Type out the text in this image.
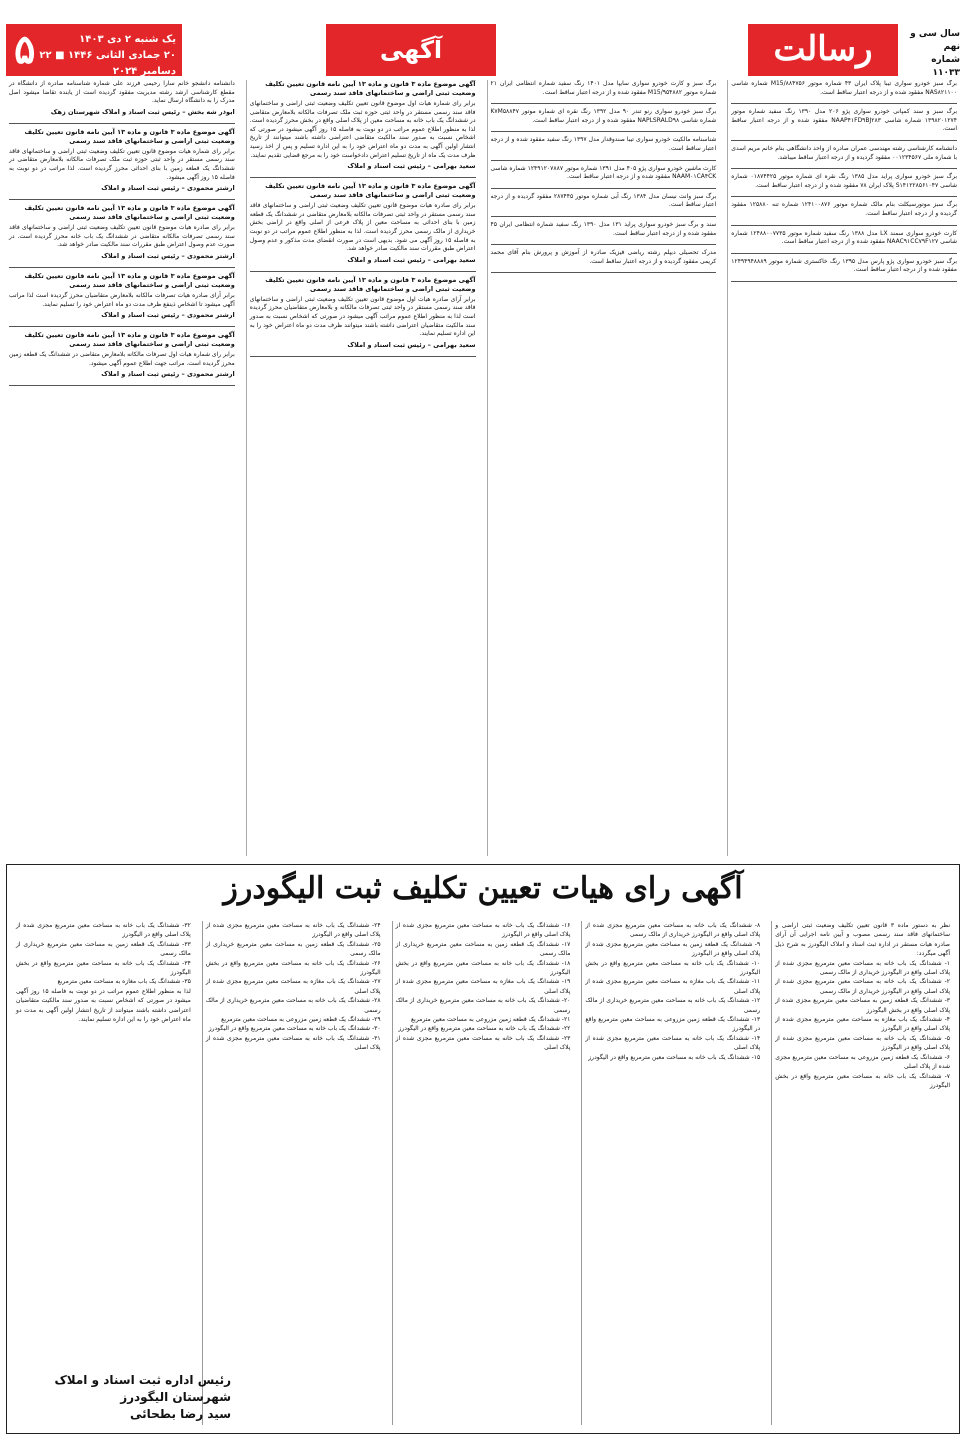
۵	یک شنبه ۲ دی ۱۴۰۳
۲۰ جمادی الثانی ۱۴۴۶ ■ ۲۲ دسامبر ۲۰۲۴
آگهی	رسالت	سال سی و نهم
شماره ۱۱۰۳۳
برگ سبز خودرو سواری تیبا پلاک ایران ۴۳ شماره موتور M15/۸۸۴۷۵۶ شماره شاسی NAS۸۲۱۱۰۰ مفقود شده و از درجه اعتبار ساقط است.
برگ سبز و سند کمپانی خودرو سواری پژو ۲۰۶ مدل ۱۳۹۰ رنگ سفید شماره موتور ۱۳۹۸۲۰۱۲۷۴ شماره شاسی NAAP۴۱FD۹BJ۲۸۳ مفقود شده و از درجه اعتبار ساقط است.
دانشنامه کارشناسی رشته مهندسی عمران صادره از واحد دانشگاهی بنام خانم مریم اسدی با شماره ملی ۰۰۱۲۳۴۵۶۷ مفقود گردیده و از درجه اعتبار ساقط میباشد.
برگ سبز خودرو سواری پراید مدل ۱۳۸۵ رنگ نقره ای شماره موتور ۰۱۸۷۴۴۲۵ شماره شاسی S۱۴۱۲۲۸۵۶۱۰۴۷ پلاک ایران ۷۸ مفقود شده و از درجه اعتبار ساقط است.
برگ سبز موتورسیکلت بنام مالک شماره موتور ۱۲۴۱۰۰۸۷۶ شماره تنه ۱۲۵۸۸۰ مفقود گردیده و از درجه اعتبار ساقط است.
کارت خودرو سواری سمند LX مدل ۱۳۸۸ رنگ سفید شماره موتور ۱۲۴۸۸۰۰۷۷۳۵ شماره شاسی NAAC۹۱CC۷۹F۱۲۷ مفقود شده و از درجه اعتبار ساقط است.
برگ سبز خودرو سواری پژو پارس مدل ۱۳۹۵ رنگ خاکستری شماره موتور ۱۲۴۹۴۹۴۸۸۸۹ مفقود شده و از درجه اعتبار ساقط است.
برگ سبز و کارت خودرو سواری سایپا مدل ۱۴۰۱ رنگ سفید شماره انتظامی ایران ۲۱ شماره موتور M15/۹۵۴۸۸۲ مفقود شده و از درجه اعتبار ساقط است.
برگ سبز خودرو سواری رنو تندر ۹۰ مدل ۱۳۹۲ رنگ نقره ای شماره موتور K۷M۵۸۸۴۷ شماره شاسی NAPLSRALD۹۸ مفقود شده و از درجه اعتبار ساقط است.
شناسنامه مالکیت خودرو سواری تیبا صندوقدار مدل ۱۳۹۷ رنگ سفید مفقود شده و از درجه اعتبار ساقط است.
کارت ماشین خودرو سواری پژو ۴۰۵ مدل ۱۳۹۱ شماره موتور ۱۲۴۹۱۲۰۷۸۸۷ شماره شاسی NAAM۰۱CA۴CK مفقود شده و از درجه اعتبار ساقط است.
برگ سبز وانت نیسان مدل ۱۳۸۴ رنگ آبی شماره موتور ۲۸۷۴۴۵ مفقود گردیده و از درجه اعتبار ساقط است.
سند و برگ سبز خودرو سواری پراید ۱۳۱ مدل ۱۳۹۰ رنگ سفید شماره انتظامی ایران ۴۵ مفقود شده و از درجه اعتبار ساقط است.
مدرک تحصیلی دیپلم رشته ریاضی فیزیک صادره از آموزش و پرورش بنام آقای محمد کریمی مفقود گردیده و از درجه اعتبار ساقط است.
آگهی موضوع ماده ۳ قانون و ماده ۱۳ آیین نامه قانون تعیین تکلیف وضعیت ثبتی اراضی و ساختمانهای فاقد سند رسمی
برابر رای شماره هیات اول موضوع قانون تعیین تکلیف وضعیت ثبتی اراضی و ساختمانهای فاقد سند رسمی مستقر در واحد ثبتی حوزه ثبت ملک تصرفات مالکانه بلامعارض متقاضی در ششدانگ یک باب خانه به مساحت معین از پلاک اصلی واقع در بخش محرز گردیده است. لذا به منظور اطلاع عموم مراتب در دو نوبت به فاصله ۱۵ روز آگهی میشود در صورتی که اشخاص نسبت به صدور سند مالکیت متقاضی اعتراضی داشته باشند میتوانند از تاریخ انتشار اولین آگهی به مدت دو ماه اعتراض خود را به این اداره تسلیم و پس از اخذ رسید ظرف مدت یک ماه از تاریخ تسلیم اعتراض دادخواست خود را به مرجع قضایی تقدیم نمایند.
سعید بهرامی – رئیس ثبت اسناد و املاک
آگهی موضوع ماده ۳ قانون و ماده ۱۳ آیین نامه قانون تعیین تکلیف وضعیت ثبتی اراضی و ساختمانهای فاقد سند رسمی
برابر رای صادره هیات موضوع قانون تعیین تکلیف وضعیت ثبتی اراضی و ساختمانهای فاقد سند رسمی مستقر در واحد ثبتی تصرفات مالکانه بلامعارض متقاضی در ششدانگ یک قطعه زمین با بنای احداثی به مساحت معین از پلاک فرعی از اصلی واقع در اراضی بخش خریداری از مالک رسمی محرز گردیده است. لذا به منظور اطلاع عموم مراتب در دو نوبت به فاصله ۱۵ روز آگهی می شود. بدیهی است در صورت انقضای مدت مذکور و عدم وصول اعتراض طبق مقررات سند مالکیت صادر خواهد شد.
سعید بهرامی – رئیس ثبت اسناد و املاک
آگهی موضوع ماده ۳ قانون و ماده ۱۳ آیین نامه قانون تعیین تکلیف وضعیت ثبتی اراضی و ساختمانهای فاقد سند رسمی
برابر آرای صادره هیات اول موضوع قانون تعیین تکلیف وضعیت ثبتی اراضی و ساختمانهای فاقد سند رسمی مستقر در واحد ثبتی تصرفات مالکانه و بلامعارض متقاضیان محرز گردیده است لذا به منظور اطلاع عموم مراتب آگهی میشود در صورتی که اشخاص نسبت به صدور سند مالکیت متقاضیان اعتراضی داشته باشند میتوانند ظرف مدت دو ماه اعتراض خود را به این اداره تسلیم نمایند.
سعید بهرامی – رئیس ثبت اسناد و املاک
دانشنامه دانشجو خانم سارا رحیمی فرزند علی شماره شناسنامه صادره از دانشگاه در مقطع کارشناسی ارشد رشته مدیریت مفقود گردیده است از یابنده تقاضا میشود اصل مدرک را به دانشگاه ارسال نماید.
ابوذر شه بخش – رئیس ثبت اسناد و املاک شهرستان زهک
آگهی موضوع ماده ۳ قانون و ماده ۱۳ آیین نامه قانون تعیین تکلیف وضعیت ثبتی اراضی و ساختمانهای فاقد سند رسمی
برابر رای شماره هیات موضوع قانون تعیین تکلیف وضعیت ثبتی اراضی و ساختمانهای فاقد سند رسمی مستقر در واحد ثبتی حوزه ثبت ملک تصرفات مالکانه بلامعارض متقاضی در ششدانگ یک قطعه زمین با بنای احداثی محرز گردیده است. لذا مراتب در دو نوبت به فاصله ۱۵ روز آگهی میشود.
ارشتر محمودی – رئیس ثبت اسناد و املاک
آگهی موضوع ماده ۳ قانون و ماده ۱۳ آیین نامه قانون تعیین تکلیف وضعیت ثبتی اراضی و ساختمانهای فاقد سند رسمی
برابر رای صادره هیات موضوع قانون تعیین تکلیف وضعیت ثبتی اراضی و ساختمانهای فاقد سند رسمی تصرفات مالکانه متقاضی در ششدانگ یک باب خانه محرز گردیده است. در صورت عدم وصول اعتراض طبق مقررات سند مالکیت صادر خواهد شد.
ارشتر محمودی – رئیس ثبت اسناد و املاک
آگهی موضوع ماده ۳ قانون و ماده ۱۳ آیین نامه قانون تعیین تکلیف وضعیت ثبتی اراضی و ساختمانهای فاقد سند رسمی
برابر آرای صادره هیات تصرفات مالکانه بلامعارض متقاضیان محرز گردیده است لذا مراتب آگهی میشود تا اشخاص ذینفع ظرف مدت دو ماه اعتراض خود را تسلیم نمایند.
ارشتر محمودی – رئیس ثبت اسناد و املاک
آگهی موضوع ماده ۳ قانون و ماده ۱۳ آیین نامه قانون تعیین تکلیف وضعیت ثبتی اراضی و ساختمانهای فاقد سند رسمی
برابر رای شماره هیات اول تصرفات مالکانه بلامعارض متقاضی در ششدانگ یک قطعه زمین محرز گردیده است. مراتب جهت اطلاع عموم آگهی میشود.
ارشتر محمودی – رئیس ثبت اسناد و املاک
آگهی رای هیات تعیین تکلیف ثبت الیگودرز
نظر به دستور ماده ۳ قانون تعیین تکلیف وضعیت ثبتی اراضی و ساختمانهای فاقد سند رسمی مصوب و آیین نامه اجرایی آن آرای صادره هیات مستقر در اداره ثبت اسناد و املاک الیگودرز به شرح ذیل آگهی میگردد:
۱- ششدانگ یک باب خانه به مساحت معین مترمربع مجزی شده از پلاک اصلی واقع در الیگودرز خریداری از مالک رسمی
۲- ششدانگ یک باب خانه به مساحت معین مترمربع مجزی شده از پلاک اصلی واقع در الیگودرز خریداری از مالک رسمی
۳- ششدانگ یک قطعه زمین به مساحت معین مترمربع مجزی شده از پلاک اصلی واقع در بخش الیگودرز
۴- ششدانگ یک باب مغازه به مساحت معین مترمربع مجزی شده از پلاک اصلی واقع در الیگودرز
۵- ششدانگ یک باب خانه به مساحت معین مترمربع مجزی شده از پلاک اصلی واقع در الیگودرز
۶- ششدانگ یک قطعه زمین مزروعی به مساحت معین مترمربع مجزی شده از پلاک اصلی
۷- ششدانگ یک باب خانه به مساحت معین مترمربع واقع در بخش الیگودرز
۸- ششدانگ یک باب خانه به مساحت معین مترمربع مجزی شده از پلاک اصلی واقع در الیگودرز خریداری از مالک رسمی
۹- ششدانگ یک قطعه زمین به مساحت معین مترمربع مجزی شده از پلاک اصلی واقع در الیگودرز
۱۰- ششدانگ یک باب خانه به مساحت معین مترمربع واقع در بخش الیگودرز
۱۱- ششدانگ یک باب مغازه به مساحت معین مترمربع مجزی شده از پلاک اصلی
۱۲- ششدانگ یک باب خانه به مساحت معین مترمربع خریداری از مالک رسمی
۱۳- ششدانگ یک قطعه زمین مزروعی به مساحت معین مترمربع واقع در الیگودرز
۱۴- ششدانگ یک باب خانه به مساحت معین مترمربع مجزی شده از پلاک اصلی
۱۵- ششدانگ یک باب خانه به مساحت معین مترمربع واقع در الیگودرز
۱۶- ششدانگ یک باب خانه به مساحت معین مترمربع مجزی شده از پلاک اصلی واقع در الیگودرز
۱۷- ششدانگ یک قطعه زمین به مساحت معین مترمربع خریداری از مالک رسمی
۱۸- ششدانگ یک باب خانه به مساحت معین مترمربع واقع در بخش الیگودرز
۱۹- ششدانگ یک باب مغازه به مساحت معین مترمربع مجزی شده از پلاک اصلی
۲۰- ششدانگ یک باب خانه به مساحت معین مترمربع خریداری از مالک رسمی
۲۱- ششدانگ یک قطعه زمین مزروعی به مساحت معین مترمربع
۲۲- ششدانگ یک باب خانه به مساحت معین مترمربع واقع در الیگودرز
۲۳- ششدانگ یک باب خانه به مساحت معین مترمربع مجزی شده از پلاک اصلی
۲۴- ششدانگ یک باب خانه به مساحت معین مترمربع مجزی شده از پلاک اصلی واقع در الیگودرز
۲۵- ششدانگ یک قطعه زمین به مساحت معین مترمربع خریداری از مالک رسمی
۲۶- ششدانگ یک باب خانه به مساحت معین مترمربع واقع در بخش الیگودرز
۲۷- ششدانگ یک باب مغازه به مساحت معین مترمربع مجزی شده از پلاک اصلی
۲۸- ششدانگ یک باب خانه به مساحت معین مترمربع خریداری از مالک رسمی
۲۹- ششدانگ یک قطعه زمین مزروعی به مساحت معین مترمربع
۳۰- ششدانگ یک باب خانه به مساحت معین مترمربع واقع در الیگودرز
۳۱- ششدانگ یک باب خانه به مساحت معین مترمربع مجزی شده از پلاک اصلی
۳۲- ششدانگ یک باب خانه به مساحت معین مترمربع مجزی شده از پلاک اصلی واقع در الیگودرز
۳۳- ششدانگ یک قطعه زمین به مساحت معین مترمربع خریداری از مالک رسمی
۳۴- ششدانگ یک باب خانه به مساحت معین مترمربع واقع در بخش الیگودرز
۳۵- ششدانگ یک باب مغازه به مساحت معین مترمربع
لذا به منظور اطلاع عموم مراتب در دو نوبت به فاصله ۱۵ روز آگهی میشود در صورتی که اشخاص نسبت به صدور سند مالکیت متقاضیان اعتراضی داشته باشند میتوانند از تاریخ انتشار اولین آگهی به مدت دو ماه اعتراض خود را به این اداره تسلیم نمایند.
رئیس اداره ثبت اسناد و املاک شهرستان الیگودرز
سید رضا بطحائی
